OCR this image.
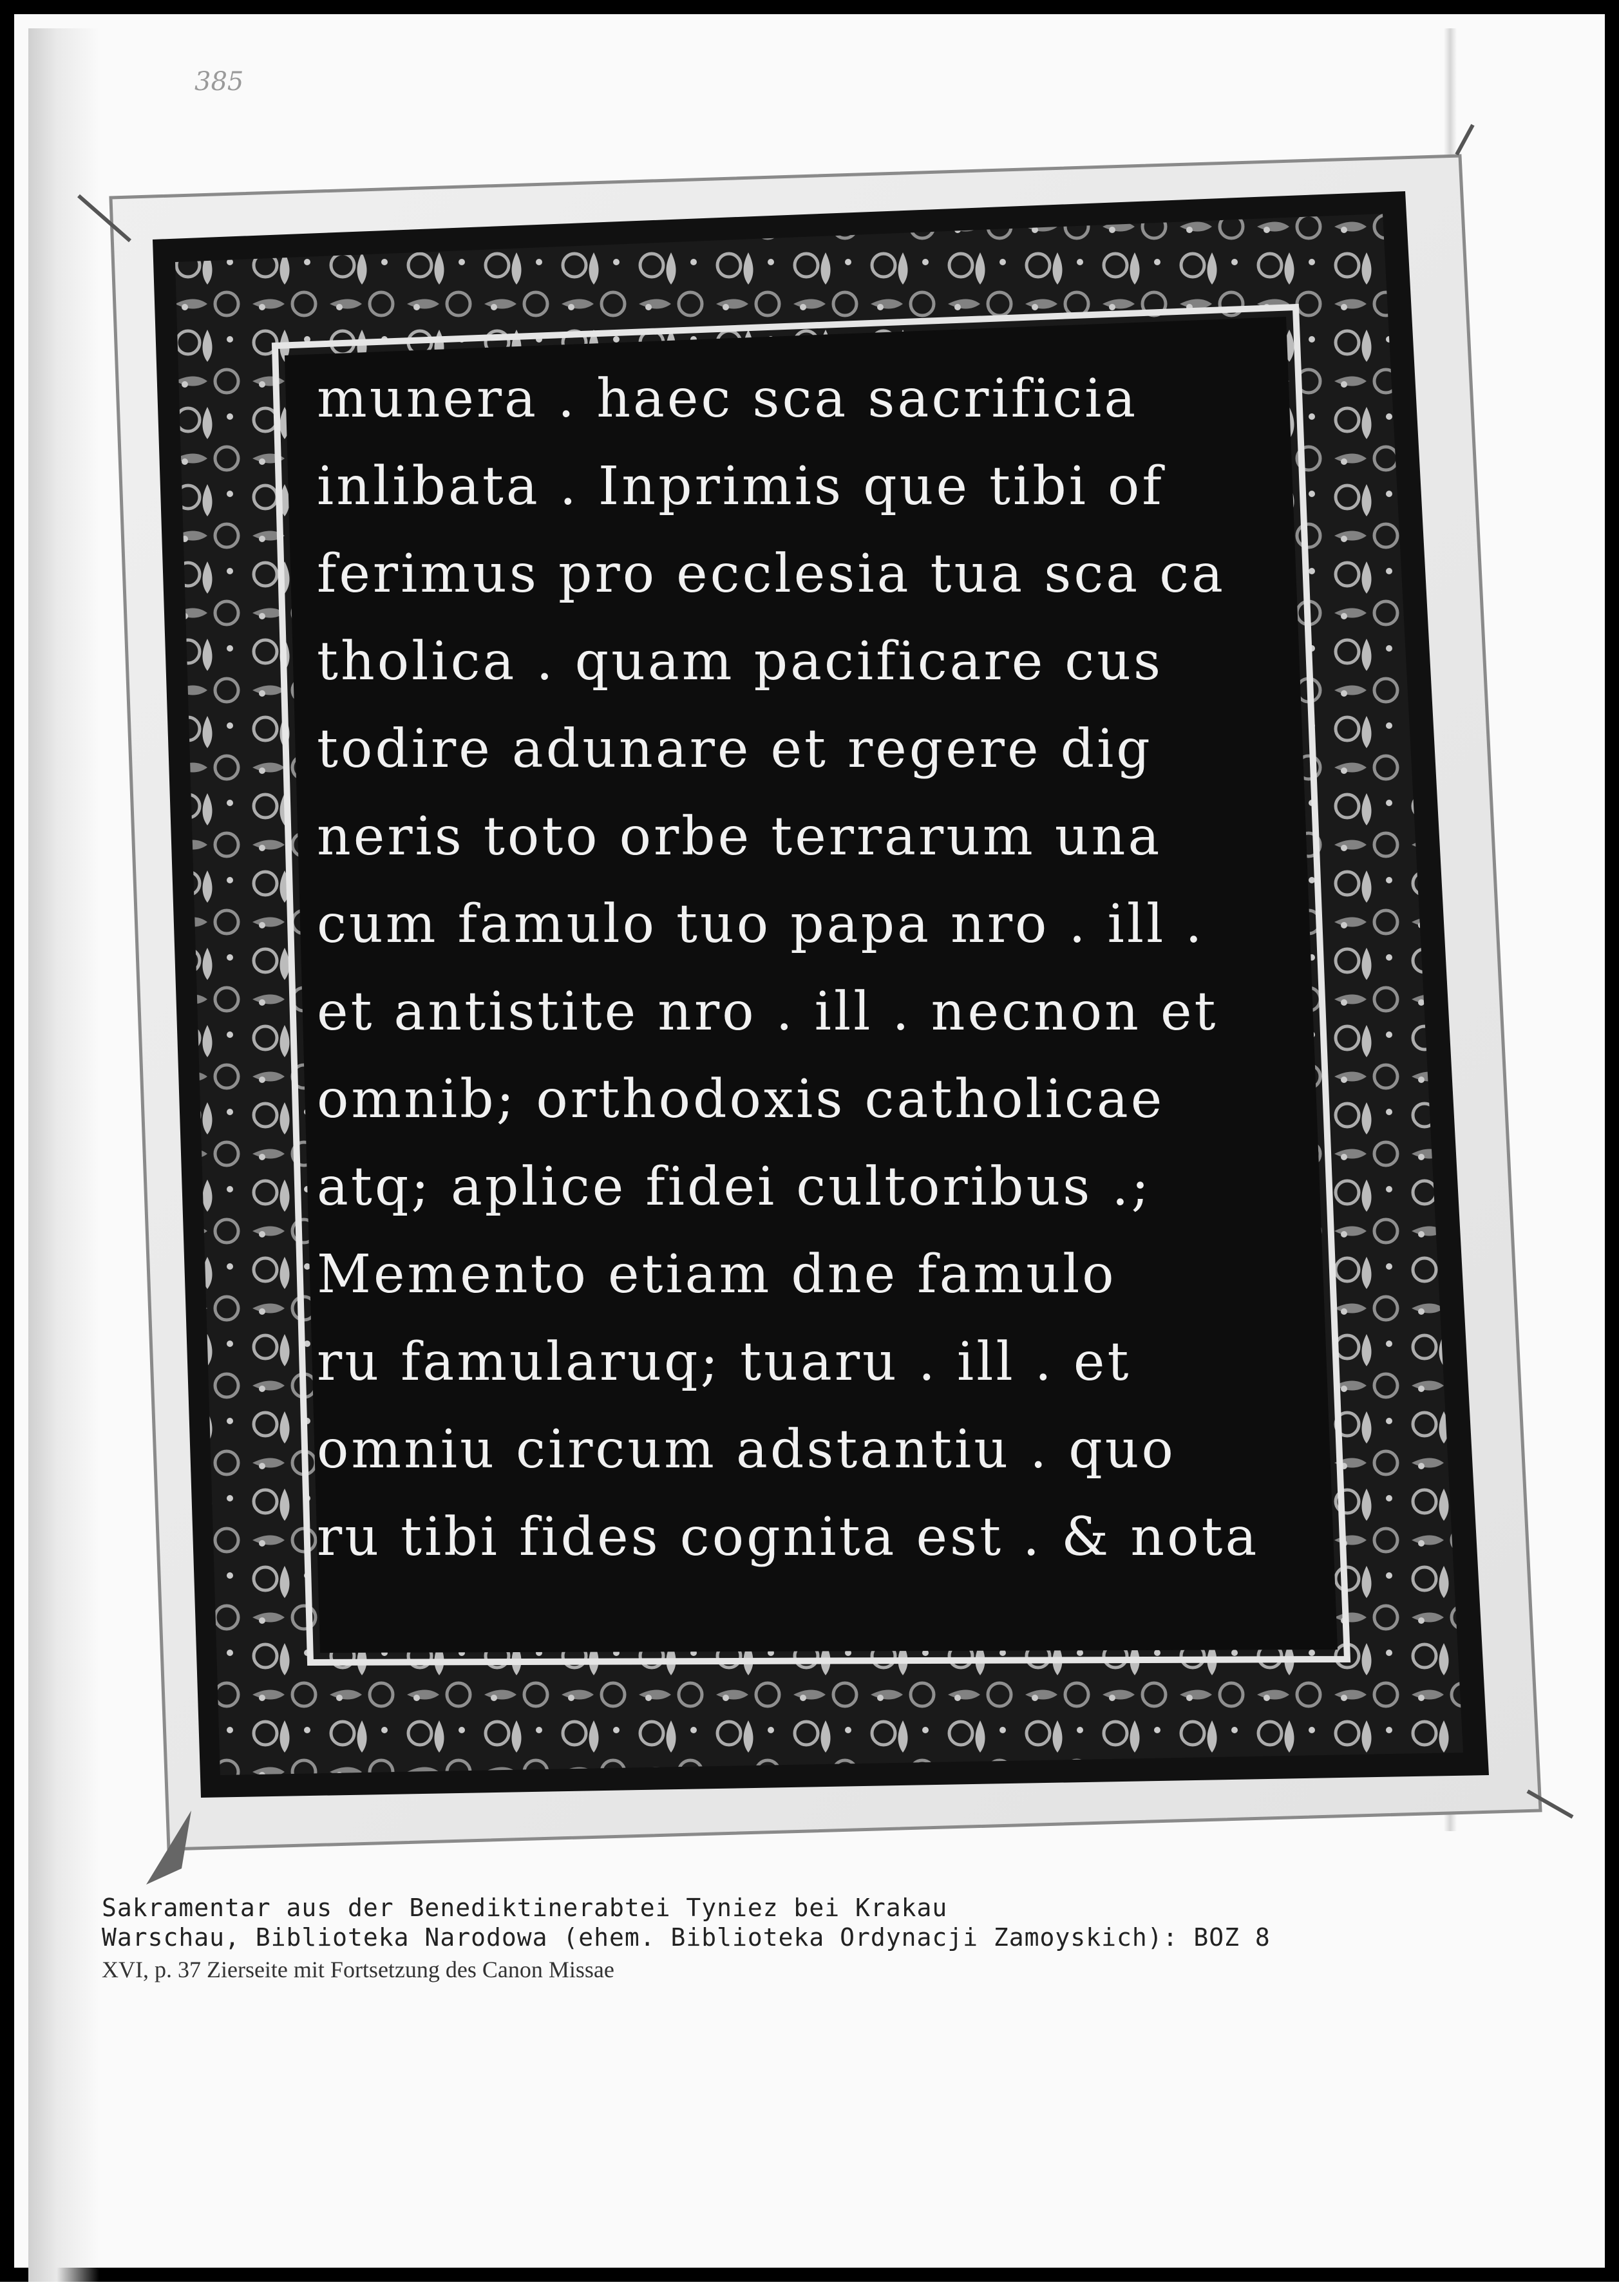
385
munera . haec sca sacrificia
inlibata . Inprimis que tibi of
ferimus pro ecclesia tua sca ca
tholica . quam pacificare cus
todire adunare et regere dig
neris toto orbe terrarum una
cum famulo tuo papa nro . ill .
et antistite nro . ill . necnon et
omnib; orthodoxis catholicae
atq; aplice fidei cultoribus .;
Memento etiam dne famulo
ru famularuq; tuaru . ill . et
omniu circum adstantiu . quo
ru tibi fides cognita est . & nota
Sakramentar aus der Benediktinerabtei Tyniez bei Krakau
Warschau, Biblioteka Narodowa (ehem. Biblioteka Ordynacji Zamoyskich): BOZ 8
XVI, p. 37 Zierseite mit Fortsetzung des Canon Missae
